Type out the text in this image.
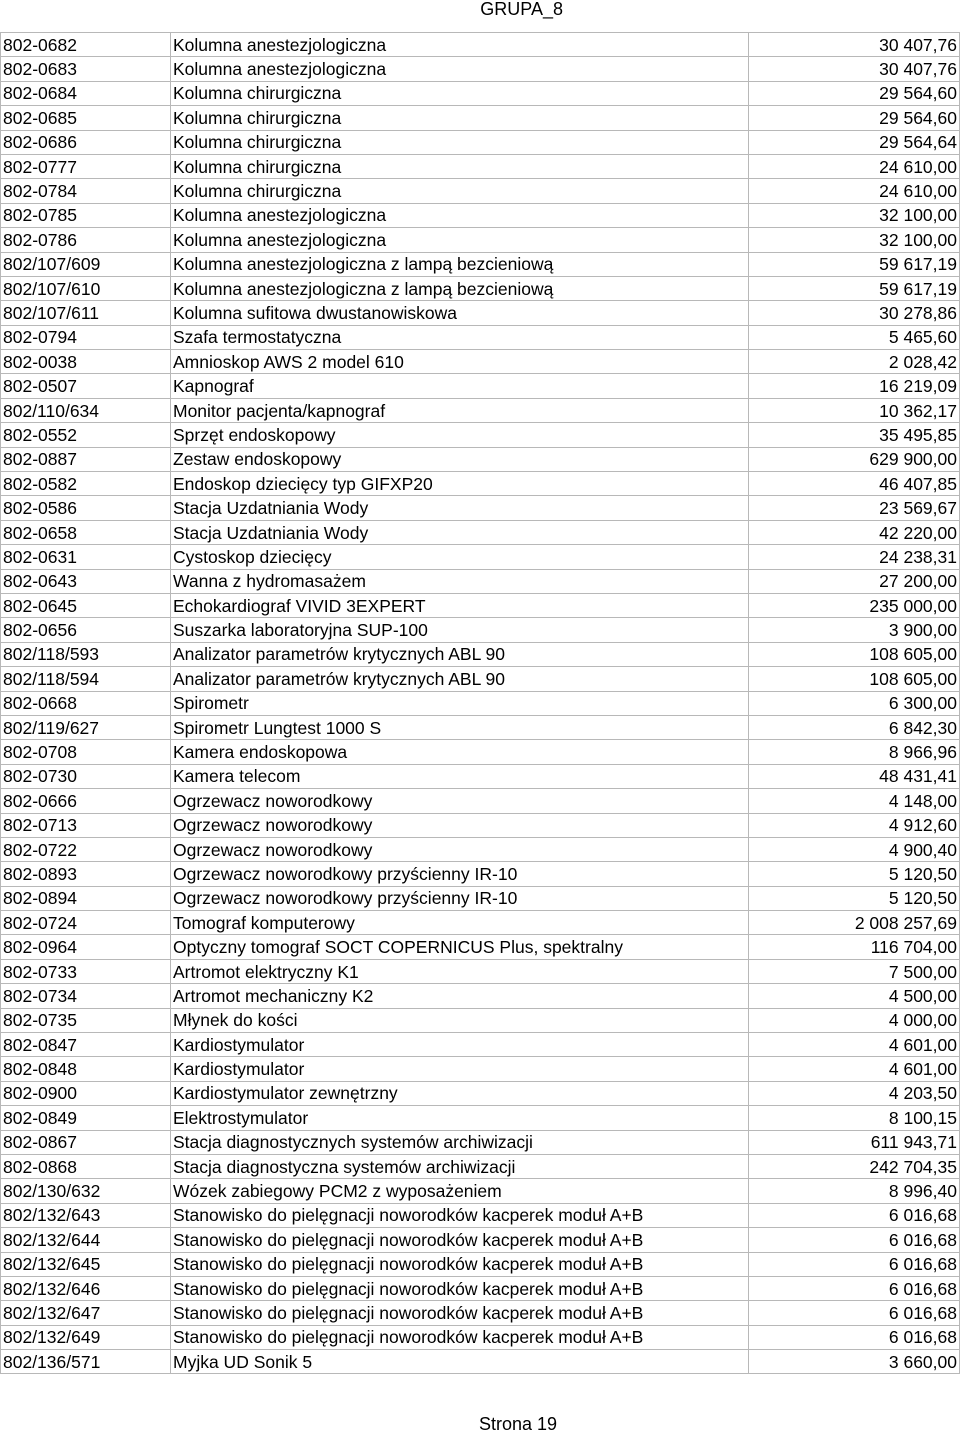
GRUPA_8
802-0682	Kolumna anestezjologiczna	30 407,76
802-0683	Kolumna anestezjologiczna	30 407,76
802-0684	Kolumna chirurgiczna	29 564,60
802-0685	Kolumna chirurgiczna	29 564,60
802-0686	Kolumna chirurgiczna	29 564,64
802-0777	Kolumna chirurgiczna	24 610,00
802-0784	Kolumna chirurgiczna	24 610,00
802-0785	Kolumna anestezjologiczna	32 100,00
802-0786	Kolumna anestezjologiczna	32 100,00
802/107/609	Kolumna anestezjologiczna z lampą bezcieniową	59 617,19
802/107/610	Kolumna anestezjologiczna z lampą bezcieniową	59 617,19
802/107/611	Kolumna sufitowa dwustanowiskowa	30 278,86
802-0794	Szafa termostatyczna	5 465,60
802-0038	Amnioskop AWS 2 model 610	2 028,42
802-0507	Kapnograf	16 219,09
802/110/634	Monitor pacjenta/kapnograf	10 362,17
802-0552	Sprzęt endoskopowy	35 495,85
802-0887	Zestaw endoskopowy	629 900,00
802-0582	Endoskop dziecięcy typ GIFXP20	46 407,85
802-0586	Stacja Uzdatniania Wody	23 569,67
802-0658	Stacja Uzdatniania Wody	42 220,00
802-0631	Cystoskop dziecięcy	24 238,31
802-0643	Wanna z hydromasażem	27 200,00
802-0645	Echokardiograf VIVID 3EXPERT	235 000,00
802-0656	Suszarka laboratoryjna SUP-100	3 900,00
802/118/593	Analizator parametrów krytycznych ABL 90	108 605,00
802/118/594	Analizator parametrów krytycznych ABL 90	108 605,00
802-0668	Spirometr	6 300,00
802/119/627	Spirometr Lungtest 1000 S	6 842,30
802-0708	Kamera endoskopowa	8 966,96
802-0730	Kamera telecom	48 431,41
802-0666	Ogrzewacz noworodkowy	4 148,00
802-0713	Ogrzewacz noworodkowy	4 912,60
802-0722	Ogrzewacz noworodkowy	4 900,40
802-0893	Ogrzewacz noworodkowy przyścienny IR-10	5 120,50
802-0894	Ogrzewacz noworodkowy przyścienny IR-10	5 120,50
802-0724	Tomograf komputerowy	2 008 257,69
802-0964	Optyczny tomograf SOCT COPERNICUS Plus, spektralny	116 704,00
802-0733	Artromot elektryczny K1	7 500,00
802-0734	Artromot mechaniczny K2	4 500,00
802-0735	Młynek do kości	4 000,00
802-0847	Kardiostymulator	4 601,00
802-0848	Kardiostymulator	4 601,00
802-0900	Kardiostymulator zewnętrzny	4 203,50
802-0849	Elektrostymulator	8 100,15
802-0867	Stacja diagnostycznych systemów archiwizacji	611 943,71
802-0868	Stacja diagnostyczna systemów archiwizacji	242 704,35
802/130/632	Wózek zabiegowy PCM2 z wyposażeniem	8 996,40
802/132/643	Stanowisko do pielęgnacji noworodków kacperek moduł A+B	6 016,68
802/132/644	Stanowisko do pielęgnacji noworodków kacperek moduł A+B	6 016,68
802/132/645	Stanowisko do pielęgnacji noworodków kacperek moduł A+B	6 016,68
802/132/646	Stanowisko do pielęgnacji noworodków kacperek moduł A+B	6 016,68
802/132/647	Stanowisko do pielęgnacji noworodków kacperek moduł A+B	6 016,68
802/132/649	Stanowisko do pielęgnacji noworodków kacperek moduł A+B	6 016,68
802/136/571	Myjka UD Sonik 5	3 660,00
Strona 19
